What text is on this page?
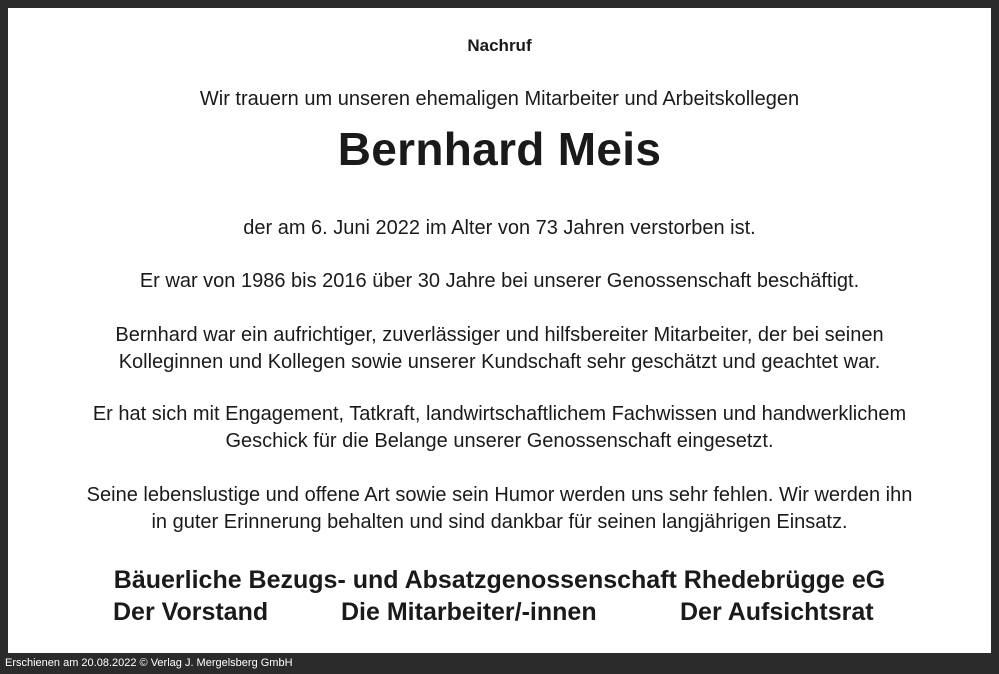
Nachruf
Wir trauern um unseren ehemaligen Mitarbeiter und Arbeitskollegen
Bernhard Meis
der am 6. Juni 2022 im Alter von 73 Jahren verstorben ist.
Er war von 1986 bis 2016 über 30 Jahre bei unserer Genossenschaft beschäftigt.
Bernhard war ein aufrichtiger, zuverlässiger und hilfsbereiter Mitarbeiter, der bei seinen
Kolleginnen und Kollegen sowie unserer Kundschaft sehr geschätzt und geachtet war.
Er hat sich mit Engagement, Tatkraft, landwirtschaftlichem Fachwissen und handwerklichem
Geschick für die Belange unserer Genossenschaft eingesetzt.
Seine lebenslustige und offene Art sowie sein Humor werden uns sehr fehlen. Wir werden ihn
in guter Erinnerung behalten und sind dankbar für seinen langjährigen Einsatz.
Bäuerliche Bezugs- und Absatzgenossenschaft Rhedebrügge eG
Der Vorstand	Die Mitarbeiter/-innen	Der Aufsichtsrat
Erschienen am 20.08.2022 © Verlag J. Mergelsberg GmbH
